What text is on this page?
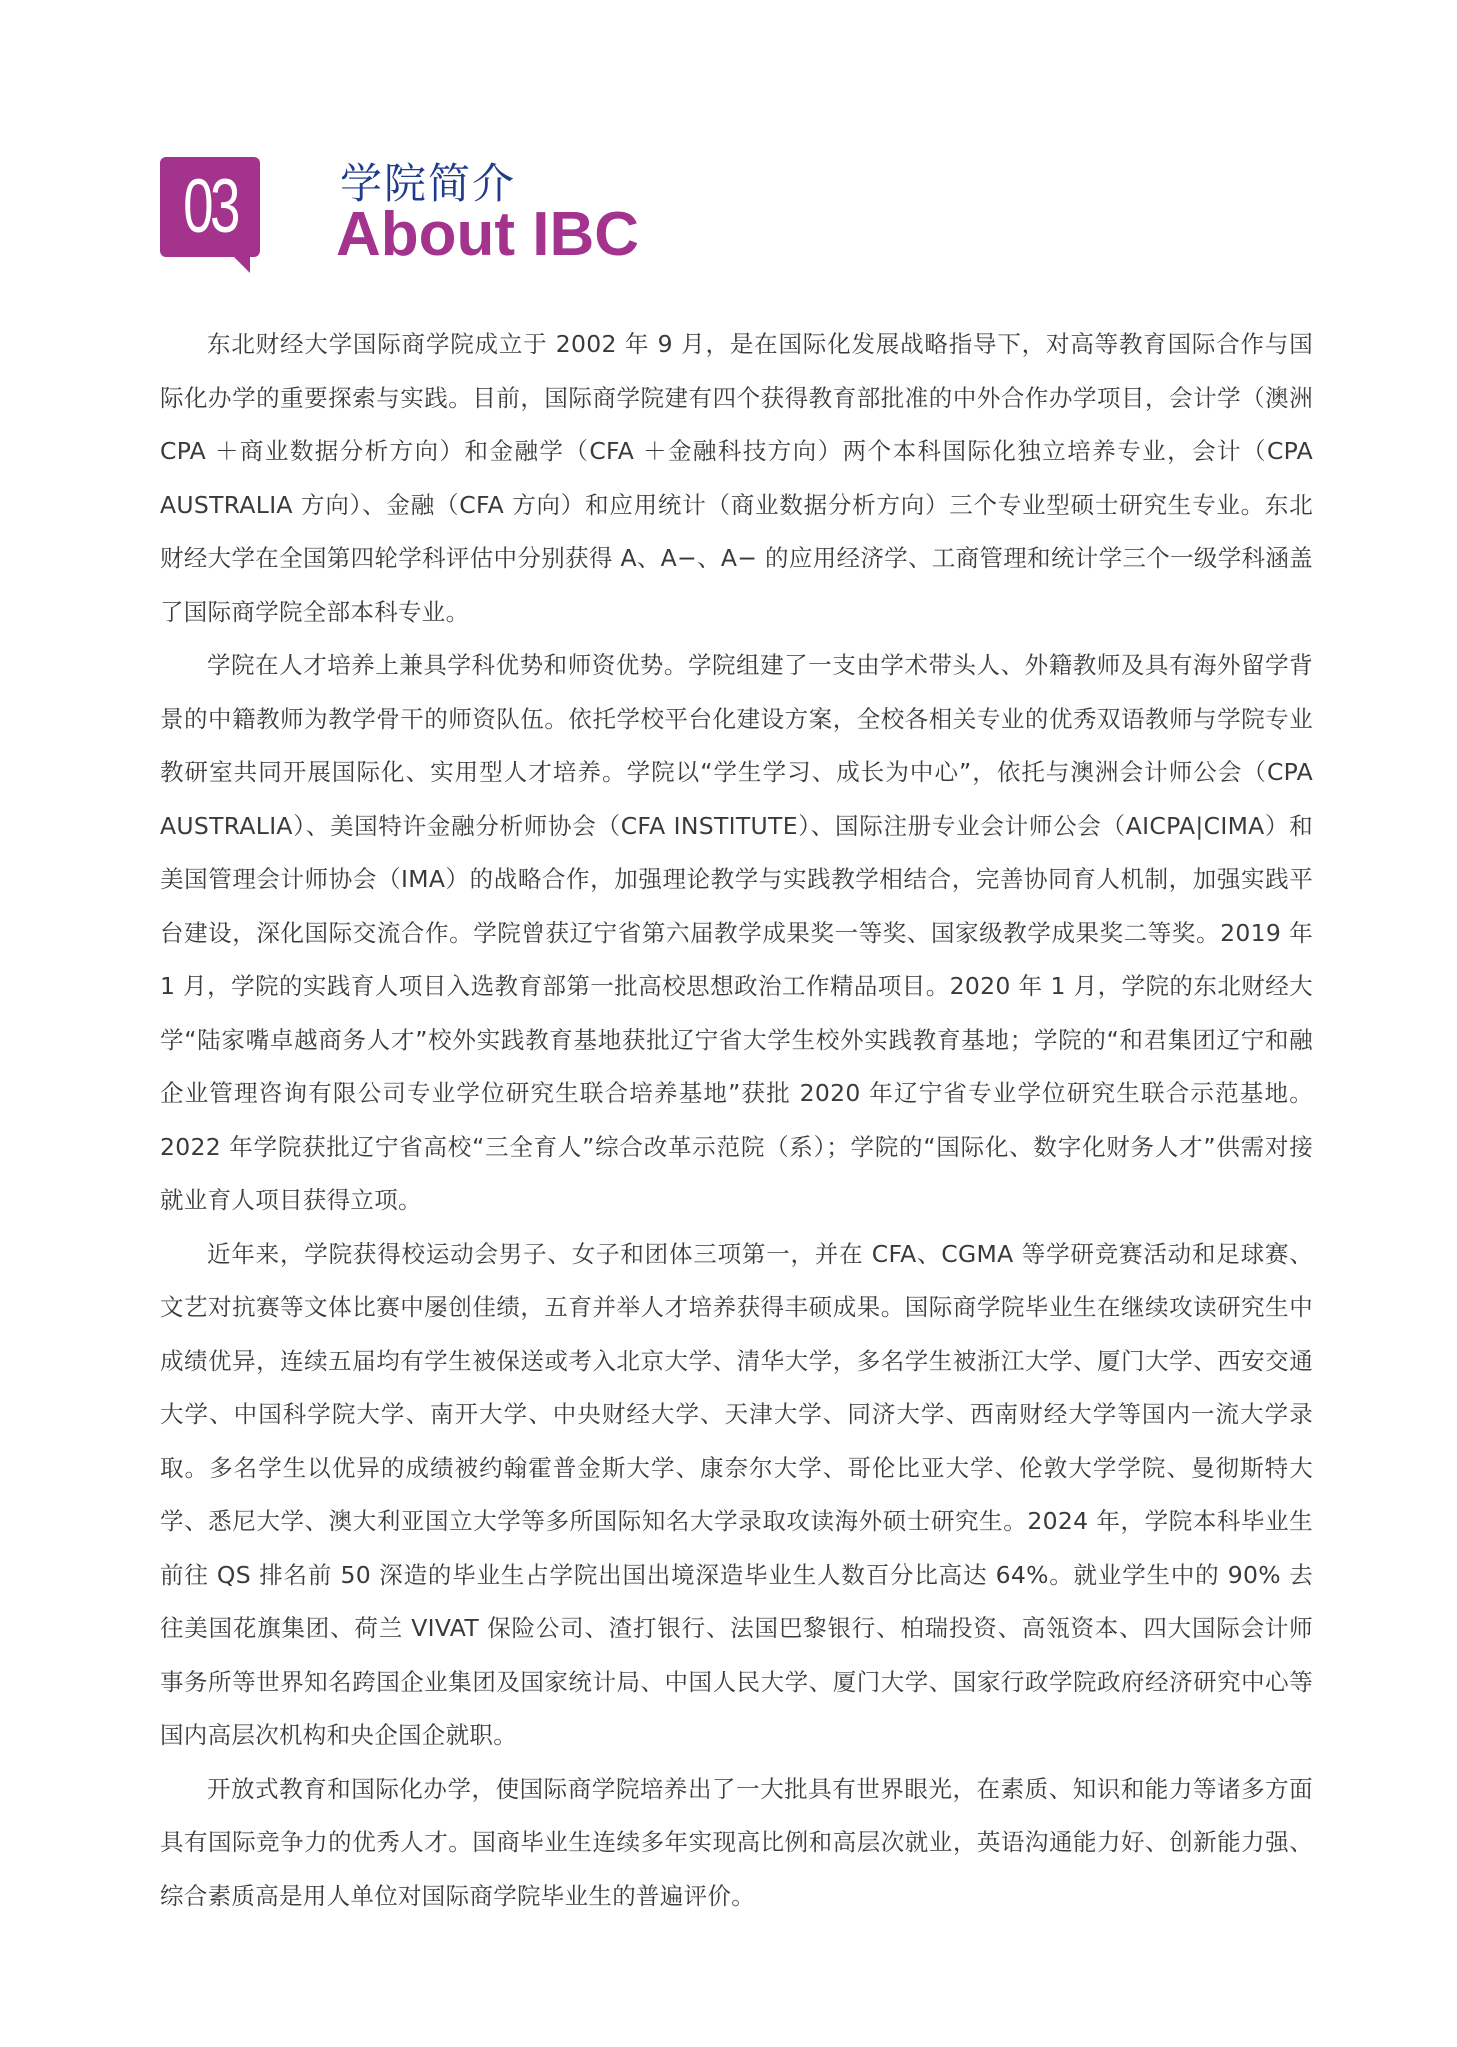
03 学院简介
About IBC

东北财经大学国际商学院成立于 2002 年 9 月，是在国际化发展战略指导下，对高等教育国际合作与国际化办学的重要探索与实践。目前，国际商学院建有四个获得教育部批准的中外合作办学项目，会计学（澳洲 CPA ＋商业数据分析方向）和金融学（CFA ＋金融科技方向）两个本科国际化独立培养专业，会计（CPA AUSTRALIA 方向）、金融（CFA 方向）和应用统计（商业数据分析方向）三个专业型硕士研究生专业。东北财经大学在全国第四轮学科评估中分别获得 A、A−、A− 的应用经济学、工商管理和统计学三个一级学科涵盖了国际商学院全部本科专业。

学院在人才培养上兼具学科优势和师资优势。学院组建了一支由学术带头人、外籍教师及具有海外留学背景的中籍教师为教学骨干的师资队伍。依托学校平台化建设方案，全校各相关专业的优秀双语教师与学院专业教研室共同开展国际化、实用型人才培养。学院以“学生学习、成长为中心”，依托与澳洲会计师公会（CPA AUSTRALIA）、美国特许金融分析师协会（CFA INSTITUTE）、国际注册专业会计师公会（AICPA|CIMA）和美国管理会计师协会（IMA）的战略合作，加强理论教学与实践教学相结合，完善协同育人机制，加强实践平台建设，深化国际交流合作。学院曾获辽宁省第六届教学成果奖一等奖、国家级教学成果奖二等奖。2019 年 1 月，学院的实践育人项目入选教育部第一批高校思想政治工作精品项目。2020 年 1 月，学院的东北财经大学“陆家嘴卓越商务人才”校外实践教育基地获批辽宁省大学生校外实践教育基地；学院的“和君集团辽宁和融企业管理咨询有限公司专业学位研究生联合培养基地”获批 2020 年辽宁省专业学位研究生联合示范基地。2022 年学院获批辽宁省高校“三全育人”综合改革示范院（系）；学院的“国际化、数字化财务人才”供需对接就业育人项目获得立项。

近年来，学院获得校运动会男子、女子和团体三项第一，并在 CFA、CGMA 等学研竞赛活动和足球赛、文艺对抗赛等文体比赛中屡创佳绩，五育并举人才培养获得丰硕成果。国际商学院毕业生在继续攻读研究生中成绩优异，连续五届均有学生被保送或考入北京大学、清华大学，多名学生被浙江大学、厦门大学、西安交通大学、中国科学院大学、南开大学、中央财经大学、天津大学、同济大学、西南财经大学等国内一流大学录取。多名学生以优异的成绩被约翰霍普金斯大学、康奈尔大学、哥伦比亚大学、伦敦大学学院、曼彻斯特大学、悉尼大学、澳大利亚国立大学等多所国际知名大学录取攻读海外硕士研究生。2024 年，学院本科毕业生前往 QS 排名前 50 深造的毕业生占学院出国出境深造毕业生人数百分比高达 64%。就业学生中的 90% 去往美国花旗集团、荷兰 VIVAT 保险公司、渣打银行、法国巴黎银行、柏瑞投资、高瓴资本、四大国际会计师事务所等世界知名跨国企业集团及国家统计局、中国人民大学、厦门大学、国家行政学院政府经济研究中心等国内高层次机构和央企国企就职。

开放式教育和国际化办学，使国际商学院培养出了一大批具有世界眼光，在素质、知识和能力等诸多方面具有国际竞争力的优秀人才。国商毕业生连续多年实现高比例和高层次就业，英语沟通能力好、创新能力强、综合素质高是用人单位对国际商学院毕业生的普遍评价。
